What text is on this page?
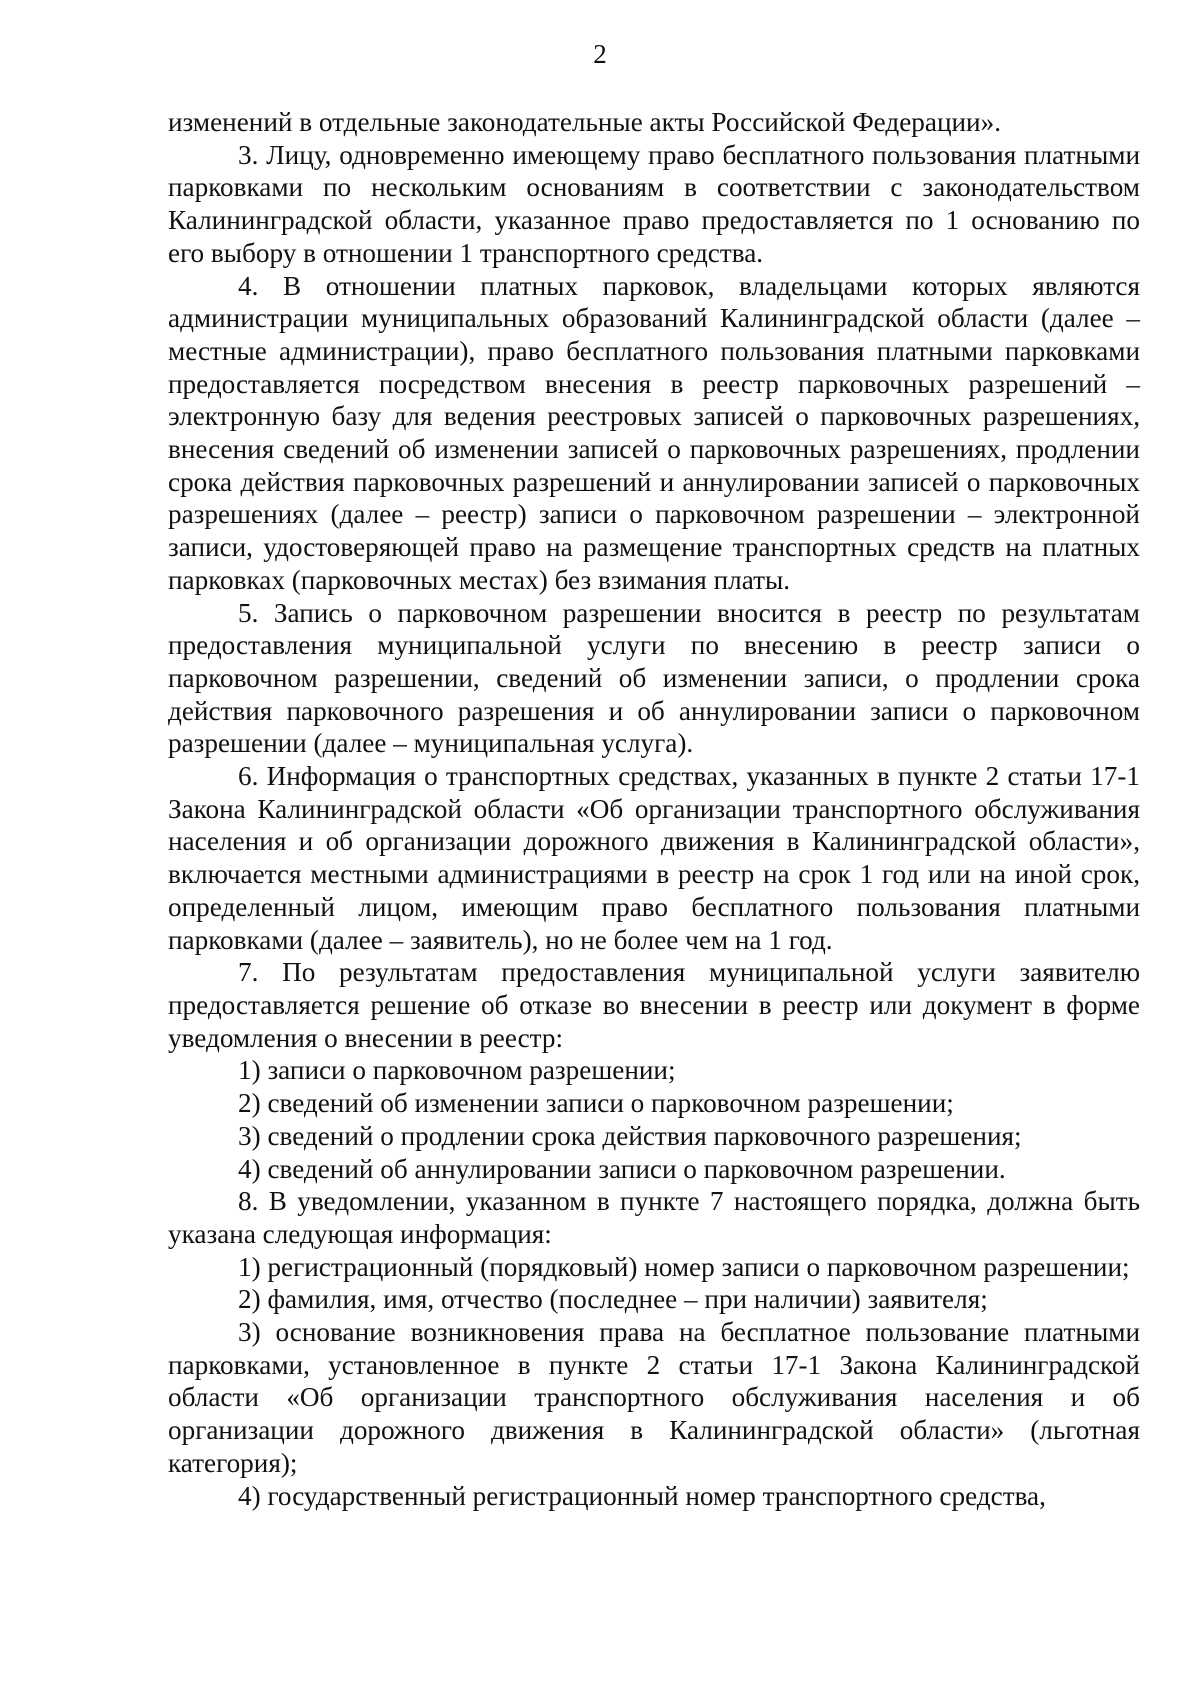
2

изменений в отдельные законодательные акты Российской Федерации».

3. Лицу, одновременно имеющему право бесплатного пользования платными парковками по нескольким основаниям в соответствии с законодательством Калининградской области, указанное право предоставляется по 1 основанию по его выбору в отношении 1 транспортного средства.

4. В отношении платных парковок, владельцами которых являются администрации муниципальных образований Калининградской области (далее – местные администрации), право бесплатного пользования платными парковками предоставляется посредством внесения в реестр парковочных разрешений – электронную базу для ведения реестровых записей о парковочных разрешениях, внесения сведений об изменении записей о парковочных разрешениях, продлении срока действия парковочных разрешений и аннулировании записей о парковочных разрешениях (далее – реестр) записи о парковочном разрешении – электронной записи, удостоверяющей право на размещение транспортных средств на платных парковках (парковочных местах) без взимания платы.

5. Запись о парковочном разрешении вносится в реестр по результатам предоставления муниципальной услуги по внесению в реестр записи о парковочном разрешении, сведений об изменении записи, о продлении срока действия парковочного разрешения и об аннулировании записи о парковочном разрешении (далее – муниципальная услуга).

6. Информация о транспортных средствах, указанных в пункте 2 статьи 17-1 Закона Калининградской области «Об организации транспортного обслуживания населения и об организации дорожного движения в Калининградской области», включается местными администрациями в реестр на срок 1 год или на иной срок, определенный лицом, имеющим право бесплатного пользования платными парковками (далее – заявитель), но не более чем на 1 год.

7. По результатам предоставления муниципальной услуги заявителю предоставляется решение об отказе во внесении в реестр или документ в форме уведомления о внесении в реестр:

1) записи о парковочном разрешении;

2) сведений об изменении записи о парковочном разрешении;

3) сведений о продлении срока действия парковочного разрешения;

4) сведений об аннулировании записи о парковочном разрешении.

8. В уведомлении, указанном в пункте 7 настоящего порядка, должна быть указана следующая информация:

1) регистрационный (порядковый) номер записи о парковочном разрешении;

2) фамилия, имя, отчество (последнее – при наличии) заявителя;

3) основание возникновения права на бесплатное пользование платными парковками, установленное в пункте 2 статьи 17-1 Закона Калининградской области «Об организации транспортного обслуживания населения и об организации дорожного движения в Калининградской области» (льготная категория);

4) государственный регистрационный номер транспортного средства,
